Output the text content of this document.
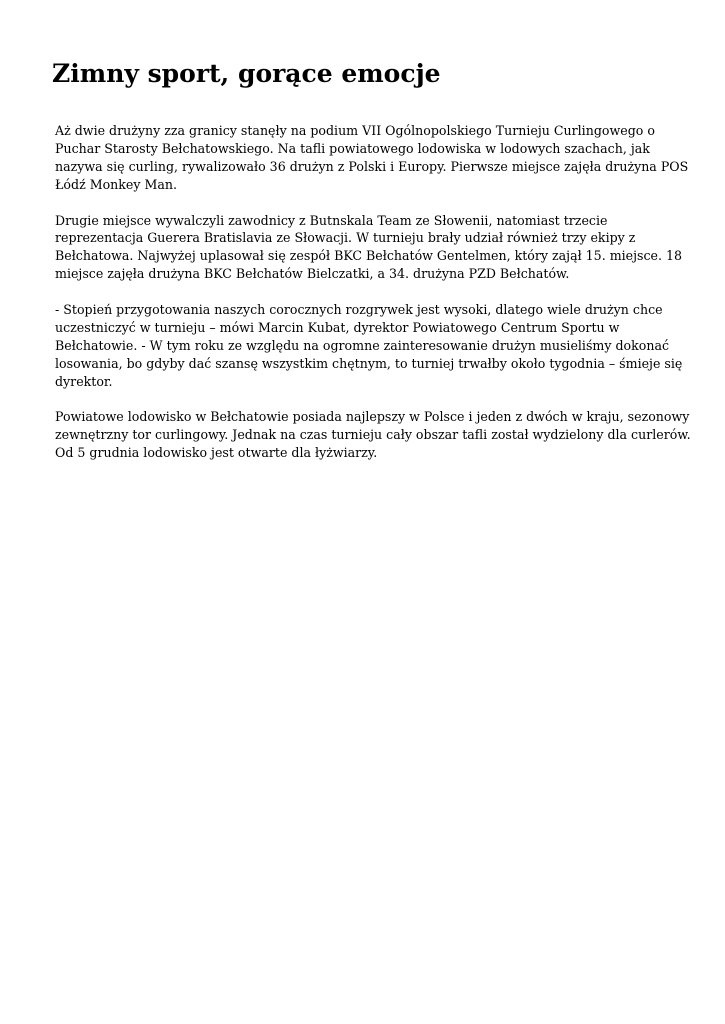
Zimny sport, gorące emocje

Aż dwie drużyny zza granicy stanęły na podium VII Ogólnopolskiego Turnieju Curlingowego o
Puchar Starosty Bełchatowskiego. Na tafli powiatowego lodowiska w lodowych szachach, jak
nazywa się curling, rywalizowało 36 drużyn z Polski i Europy. Pierwsze miejsce zajęła drużyna POS
Łódź Monkey Man.

Drugie miejsce wywalczyli zawodnicy z Butnskala Team ze Słowenii, natomiast trzecie
reprezentacja Guerera Bratislavia ze Słowacji. W turnieju brały udział również trzy ekipy z
Bełchatowa. Najwyżej uplasował się zespół BKC Bełchatów Gentelmen, który zajął 15. miejsce. 18
miejsce zajęła drużyna BKC Bełchatów Bielczatki, a 34. drużyna PZD Bełchatów.

- Stopień przygotowania naszych corocznych rozgrywek jest wysoki, dlatego wiele drużyn chce
uczestniczyć w turnieju – mówi Marcin Kubat, dyrektor Powiatowego Centrum Sportu w
Bełchatowie. - W tym roku ze względu na ogromne zainteresowanie drużyn musieliśmy dokonać
losowania, bo gdyby dać szansę wszystkim chętnym, to turniej trwałby około tygodnia – śmieje się
dyrektor.

Powiatowe lodowisko w Bełchatowie posiada najlepszy w Polsce i jeden z dwóch w kraju, sezonowy
zewnętrzny tor curlingowy. Jednak na czas turnieju cały obszar tafli został wydzielony dla curlerów.
Od 5 grudnia lodowisko jest otwarte dla łyżwiarzy.
